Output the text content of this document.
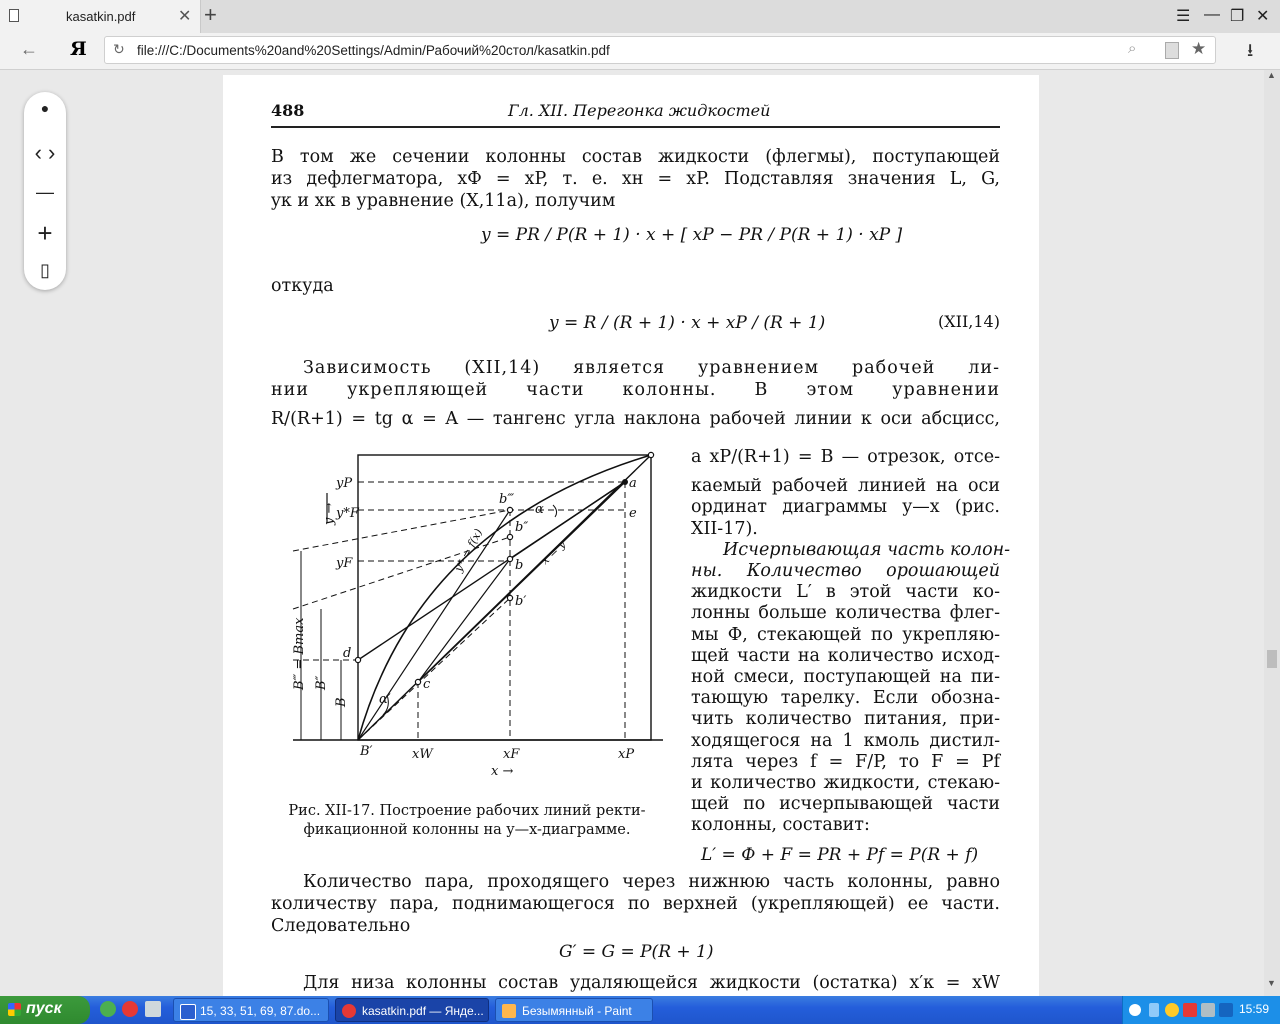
kasatkin.pdf	✕ +	☰ — ❐ ✕
← Я ↻ file:///C:/Documents%20and%20Settings/Admin/Рабочий%20стол/kasatkin.pdf	⌕	★ ⭳
●
‹ ›
—
+
▯
▲
▼
488	Гл. XII. Перегонка жидкостей
В том же сечении колонны состав жидкости (флегмы), поступающей
из дефлегматора, xФ = xP, т. е. xн = xP. Подставляя значения L, G,
yк и xк в уравнение (X,11а), получим
y = PR / P(R + 1) · x + [ xP − PR / P(R + 1) · xP ]
откуда
y = R / (R + 1) · x + xP / (R + 1)	(XII,14)
Зависимость (XII,14) является уравнением рабочей ли-
нии укрепляющей части колонны. В этом уравнении
R/(R+1) = tg α = A — тангенс угла наклона рабочей линии к оси абсцисс,
а xP/(R+1) = B — отрезок, отсе-
каемый рабочей линией на оси
ординат диаграммы y—x (рис.
XII-17).
Исчерпывающая часть колон-
ны. Количество орошающей
жидкости L′ в этой части ко-
лонны больше количества флег-
мы Ф, стекающей по укрепляю-
щей части на количество исход-
ной смеси, поступающей на пи-
тающую тарелку. Если обозна-
чить количество питания, при-
ходящегося на 1 кмоль дистил-
лята через f = F/P, то F = Pf
и количество жидкости, стекаю-
щей по исчерпывающей части
колонны, составит:
L′ = Ф + F = PR + Pf = P(R + f)
Количество пара, проходящего через нижнюю часть колонны, равно
количеству пара, поднимающегося по верхней (укрепляющей) ее части.
Следовательно
G′ = G = P(R + 1)
Для низа колонны состав удаляющейся жидкости (остатка) x′к = xW
yP
y*F
yF
y →
a
e
b‴
b″
b
b′
c
d
α
α′
B′	xW	xF	xP
x →
y* = f(x)	x = y
B
B″
B‴ = Bmax
Рис. XII-17. Построение рабочих линий ректи-
фикационной колонны на y—x-диаграмме.
пуск	15, 33, 51, 69, 87.do...	kasatkin.pdf — Яндe...	Безымянный - Paint	15:59
